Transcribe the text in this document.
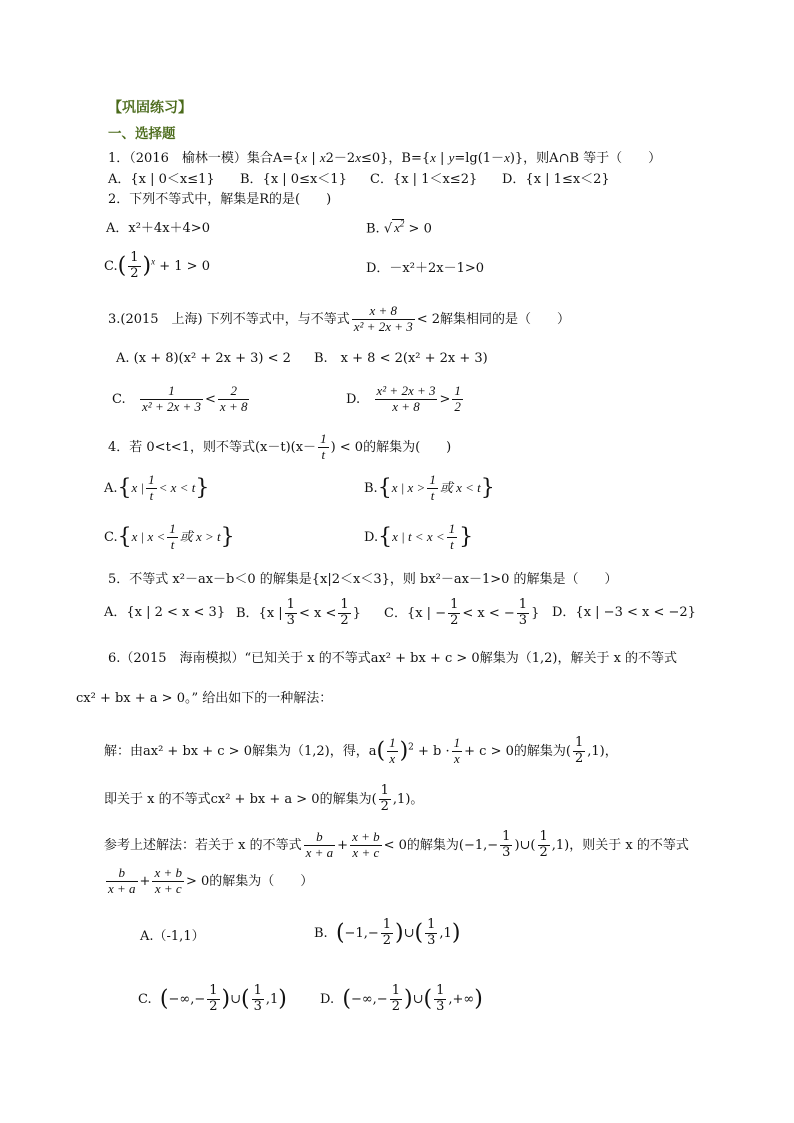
【巩固练习】
一、选择题
1．（2016　榆林一模）集合A={x | x2－2x≤0}，B={x | y=lg(1－x)}，则A∩B 等于（　　）
A．{x | 0＜x≤1} B．{x | 0≤x＜1} C．{x | 1＜x≤2} D．{x | 1≤x＜2}
2．下列不等式中，解集是R的是(　　)
A．x²＋4x＋4>0	B. √ $x^2 > 0$
$C.( \frac{1}{2} )^x + 1 > 0$	D．－x²＋2x－1>0
3.(2015　上海) 下列不等式中，与不等式 $\frac{x + 8}{\text{x² + 2x + 3}} < 2$解集相同的是（　　）
A. (x + 8)(x² + 2x + 3) < 2 B.　x + 8 < 2(x² + 2x + 3)
C. $\frac{1}{\text{x² + 2x + 3}} < \frac{2}{x + 8}$	D. $\frac{\text{x² + 2x + 3}}{x + 8} > \frac{1}{2}$
4．若 0<t<1，则不等式$(x-t)(x- \frac{1}{t}$ ) < 0的解集为(　　)
A.{x | $\frac{1}{t} < x < t$}	B.{x | $x > \frac{1}{t}$ 或 x < t}
C.{x | $x < \frac{1}{t}$ 或 x > t}	D.{x | $t < x < \frac{1}{t}$ }
5．不等式 x²－ax－b＜0 的解集是{x|2＜x＜3}，则 bx²－ax－1>0 的解集是（　　）
A．{x | 2 < x < 3} B．{x | $\frac{1}{3} < x < \frac{1}{2}$ } C．{x | − $\frac{1}{2} < x$ < − $\frac{1}{3}$ } D．{x | −3 < x < −2}
6.（2015　海南模拟）“已知关于 x 的不等式ax² + bx + c > 0解集为（1,2)，解关于 x 的不等式
cx² + bx + a > 0。” 给出如下的一种解法：
解：由ax² + bx + c > 0解集为（1,2)，得，$a( \frac{1}{x} )^2 + b \cdot \frac{1}{x} + c > 0$的解集为( $\frac{1}{2} ,1$)，
即关于 x 的不等式cx² + bx + a > 0的解集为( $\frac{1}{2} ,1$)。
参考上述解法：若关于 x 的不等式 $\frac{b}{x + a} + \frac{x + b}{x + c} < 0$的解集为($-1,- \frac{1}{3}$ )∪( $\frac{1}{2} ,1$)，则关于 x 的不等式
$\frac{b}{x + a} + \frac{x + b}{x + c} > 0$的解集为（　　）
A.（-1,1）	B. ($-1,- \frac{1}{2}$ )∪( $\frac{1}{3} ,1$)
C. (−∞,− $\frac{1}{2}$ )∪( $\frac{1}{3} ,1$)	D. (−∞,− $\frac{1}{2}$ )∪( $\frac{1}{3}$ ,+∞)
